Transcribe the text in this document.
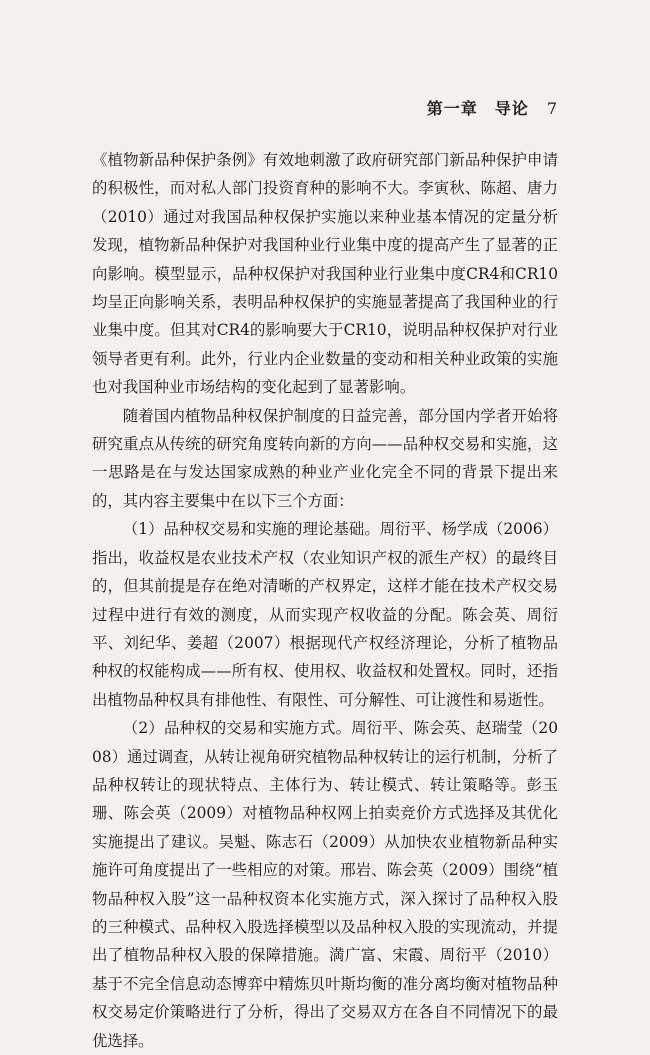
第一章　导论 7

《植物新品种保护条例》有效地刺激了政府研究部门新品种保护申请的积极性，而对私人部门投资育种的影响不大。李寅秋、陈超、唐力（2010）通过对我国品种权保护实施以来种业基本情况的定量分析发现，植物新品种保护对我国种业行业集中度的提高产生了显著的正向影响。模型显示，品种权保护对我国种业行业集中度CR4和CR10均呈正向影响关系，表明品种权保护的实施显著提高了我国种业的行业集中度。但其对CR4的影响要大于CR10，说明品种权保护对行业领导者更有利。此外，行业内企业数量的变动和相关种业政策的实施也对我国种业市场结构的变化起到了显著影响。

随着国内植物品种权保护制度的日益完善，部分国内学者开始将研究重点从传统的研究角度转向新的方向——品种权交易和实施，这一思路是在与发达国家成熟的种业产业化完全不同的背景下提出来的，其内容主要集中在以下三个方面：

（1）品种权交易和实施的理论基础。周衍平、杨学成（2006）指出，收益权是农业技术产权（农业知识产权的派生产权）的最终目的，但其前提是存在绝对清晰的产权界定，这样才能在技术产权交易过程中进行有效的测度，从而实现产权收益的分配。陈会英、周衍平、刘纪华、姜超（2007）根据现代产权经济理论，分析了植物品种权的权能构成——所有权、使用权、收益权和处置权。同时，还指出植物品种权具有排他性、有限性、可分解性、可让渡性和易逝性。

（2）品种权的交易和实施方式。周衍平、陈会英、赵瑞莹（2008）通过调查，从转让视角研究植物品种权转让的运行机制，分析了品种权转让的现状特点、主体行为、转让模式、转让策略等。彭玉珊、陈会英（2009）对植物品种权网上拍卖竞价方式选择及其优化实施提出了建议。吴魁、陈志石（2009）从加快农业植物新品种实施许可角度提出了一些相应的对策。邢岩、陈会英（2009）围绕“植物品种权入股”这一品种权资本化实施方式，深入探讨了品种权入股的三种模式、品种权入股选择模型以及品种权入股的实现流动，并提出了植物品种权入股的保障措施。満广富、宋霞、周衍平（2010）基于不完全信息动态博弈中精炼贝叶斯均衡的准分离均衡对植物品种权交易定价策略进行了分析，得出了交易双方在各自不同情况下的最优选择。
